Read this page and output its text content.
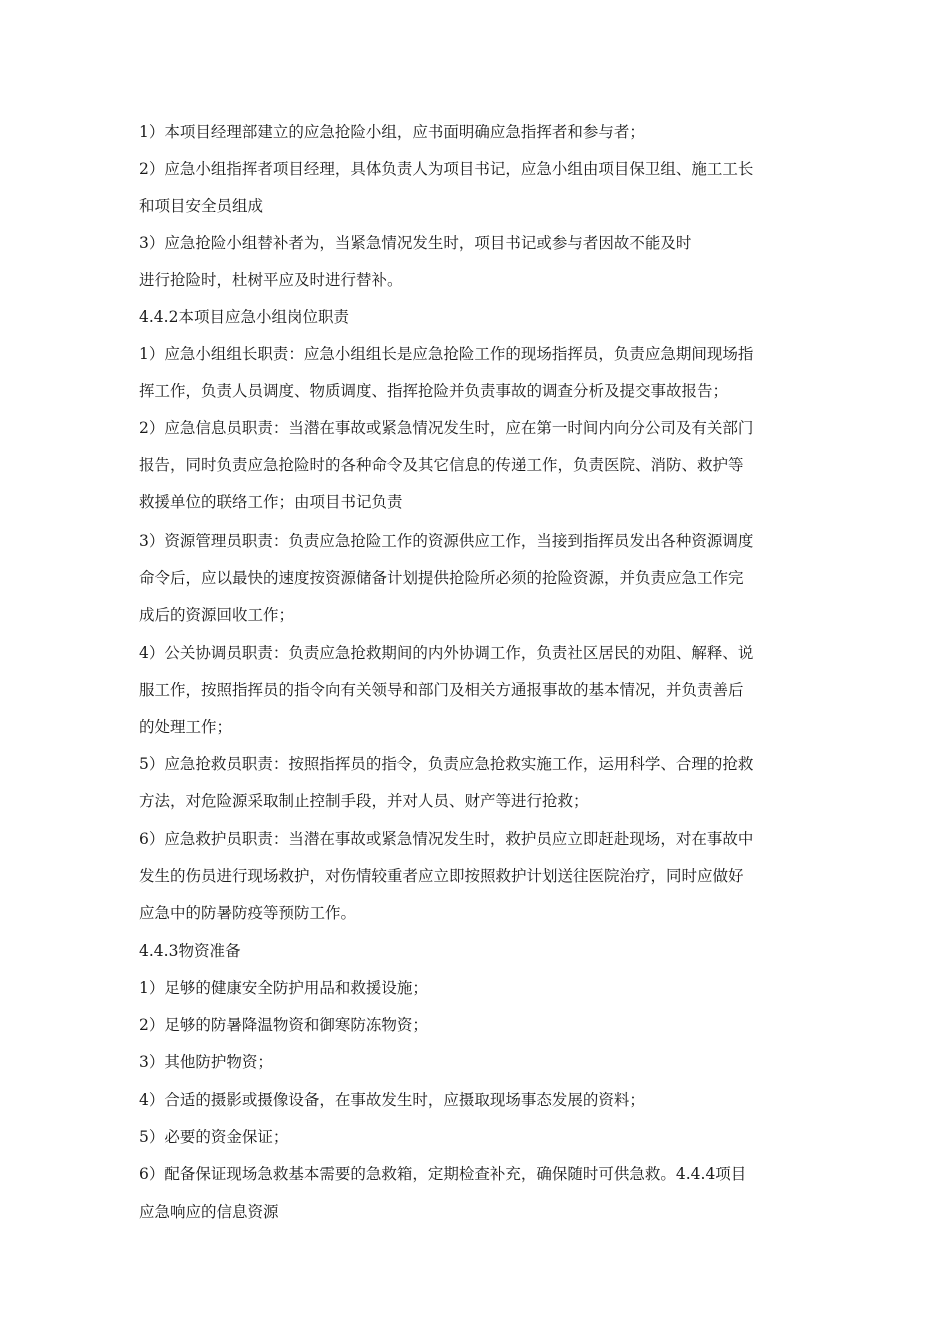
1）本项目经理部建立的应急抢险小组，应书面明确应急指挥者和参与者；
2）应急小组指挥者项目经理，具体负责人为项目书记，应急小组由项目保卫组、施工工长
和项目安全员组成
3）应急抢险小组替补者为，当紧急情况发生时，项目书记或参与者因故不能及时
进行抢险时，杜树平应及时进行替补。
4.4.2本项目应急小组岗位职责
1）应急小组组长职责：应急小组组长是应急抢险工作的现场指挥员，负责应急期间现场指
挥工作，负责人员调度、物质调度、指挥抢险并负责事故的调查分析及提交事故报告；
2）应急信息员职责：当潜在事故或紧急情况发生时，应在第一时间内向分公司及有关部门
报告，同时负责应急抢险时的各种命令及其它信息的传递工作，负责医院、消防、救护等
救援单位的联络工作；由项目书记负责
3）资源管理员职责：负责应急抢险工作的资源供应工作，当接到指挥员发出各种资源调度
命令后，应以最快的速度按资源储备计划提供抢险所必须的抢险资源，并负责应急工作完
成后的资源回收工作；
4）公关协调员职责：负责应急抢救期间的内外协调工作，负责社区居民的劝阻、解释、说
服工作，按照指挥员的指令向有关领导和部门及相关方通报事故的基本情况，并负责善后
的处理工作；
5）应急抢救员职责：按照指挥员的指令，负责应急抢救实施工作，运用科学、合理的抢救
方法，对危险源采取制止控制手段，并对人员、财产等进行抢救；
6）应急救护员职责：当潜在事故或紧急情况发生时，救护员应立即赶赴现场，对在事故中
发生的伤员进行现场救护，对伤情较重者应立即按照救护计划送往医院治疗，同时应做好
应急中的防暑防疫等预防工作。
4.4.3物资准备
1）足够的健康安全防护用品和救援设施；
2）足够的防暑降温物资和御寒防冻物资；
3）其他防护物资；
4）合适的摄影或摄像设备，在事故发生时，应摄取现场事态发展的资料；
5）必要的资金保证；
6）配备保证现场急救基本需要的急救箱，定期检查补充，确保随时可供急救。4.4.4项目
应急响应的信息资源
